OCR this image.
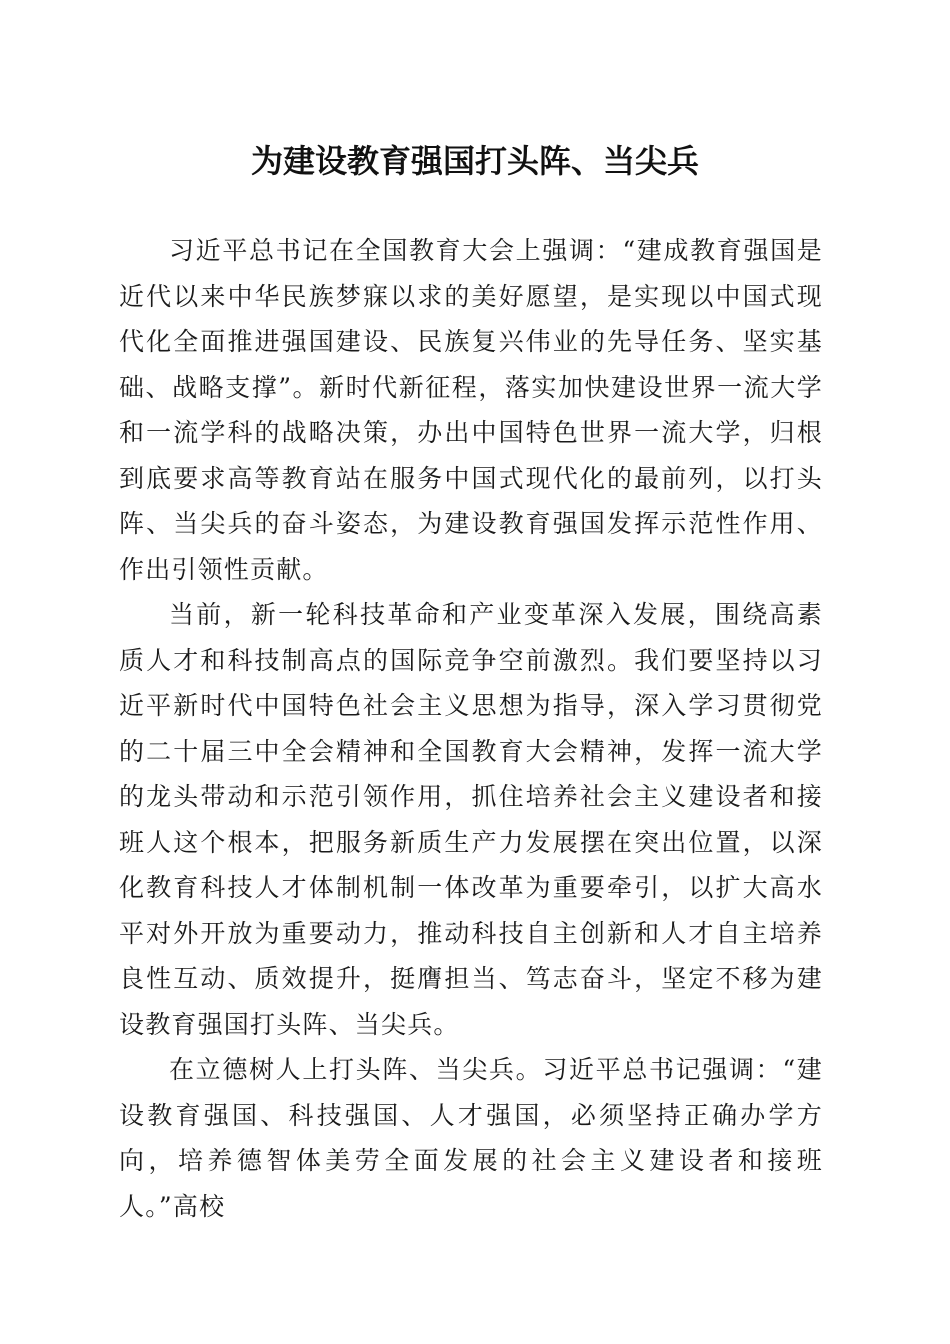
为建设教育强国打头阵、当尖兵

习近平总书记在全国教育大会上强调：“建成教育强国是近代以来中华民族梦寐以求的美好愿望，是实现以中国式现代化全面推进强国建设、民族复兴伟业的先导任务、坚实基础、战略支撑”。新时代新征程，落实加快建设世界一流大学和一流学科的战略决策，办出中国特色世界一流大学，归根到底要求高等教育站在服务中国式现代化的最前列，以打头阵、当尖兵的奋斗姿态，为建设教育强国发挥示范性作用、作出引领性贡献。

当前，新一轮科技革命和产业变革深入发展，围绕高素质人才和科技制高点的国际竞争空前激烈。我们要坚持以习近平新时代中国特色社会主义思想为指导，深入学习贯彻党的二十届三中全会精神和全国教育大会精神，发挥一流大学的龙头带动和示范引领作用，抓住培养社会主义建设者和接班人这个根本，把服务新质生产力发展摆在突出位置，以深化教育科技人才体制机制一体改革为重要牵引，以扩大高水平对外开放为重要动力，推动科技自主创新和人才自主培养良性互动、质效提升，挺膺担当、笃志奋斗，坚定不移为建设教育强国打头阵、当尖兵。

在立德树人上打头阵、当尖兵。习近平总书记强调：“建设教育强国、科技强国、人才强国，必须坚持正确办学方向，培养德智体美劳全面发展的社会主义建设者和接班人。”高校
